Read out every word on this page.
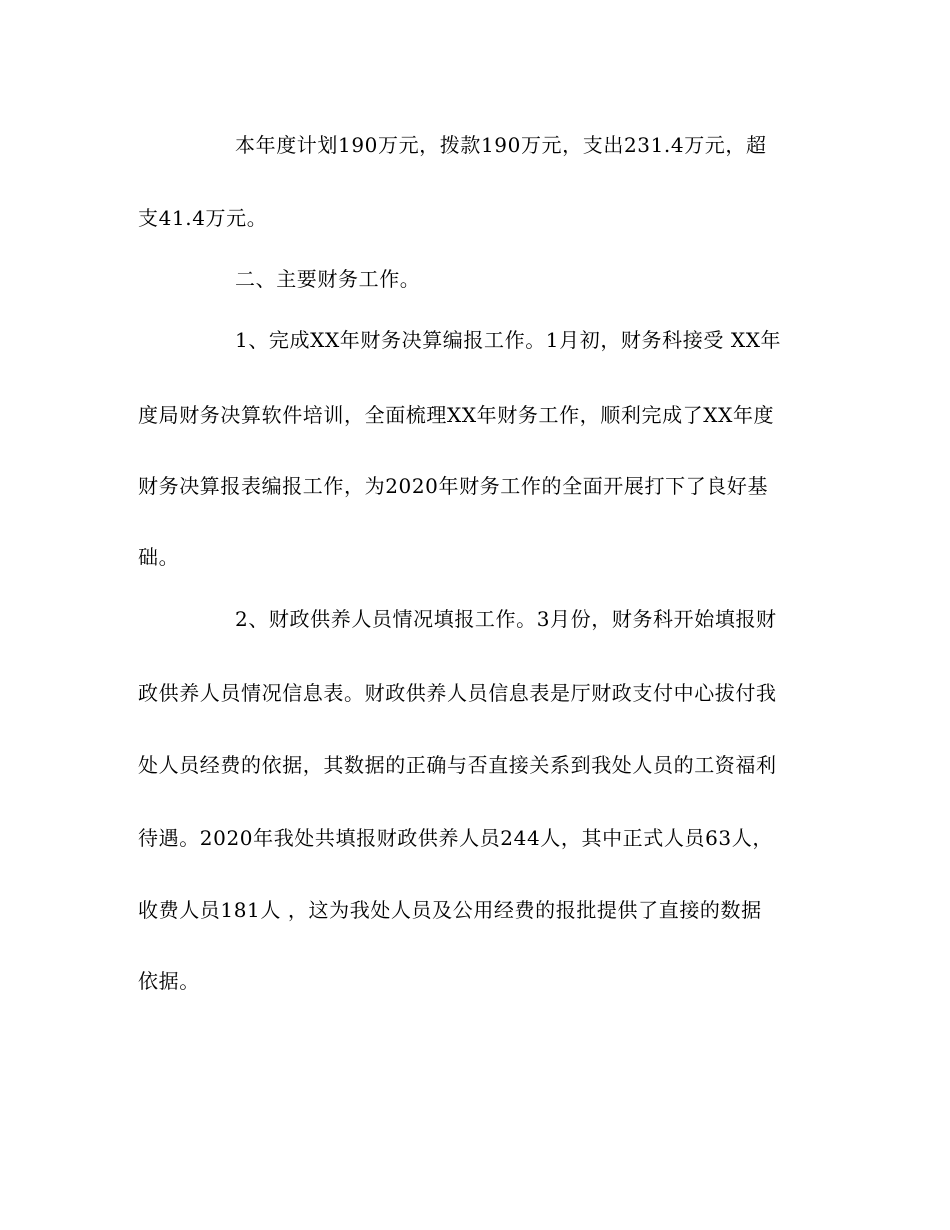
本年度计划190万元，拨款190万元，支出231.4万元，超
支41.4万元。
二、主要财务工作。
1、完成XX年财务决算编报工作。1月初，财务科接受 XX年
度局财务决算软件培训，全面梳理XX年财务工作，顺利完成了XX年度
财务决算报表编报工作，为2020年财务工作的全面开展打下了良好基
础。
2、财政供养人员情况填报工作。3月份，财务科开始填报财
政供养人员情况信息表。财政供养人员信息表是厅财政支付中心拔付我
处人员经费的依据，其数据的正确与否直接关系到我处人员的工资福利
待遇。2020年我处共填报财政供养人员244人，其中正式人员63人，
收费人员181人 ，这为我处人员及公用经费的报批提供了直接的数据
依据。
